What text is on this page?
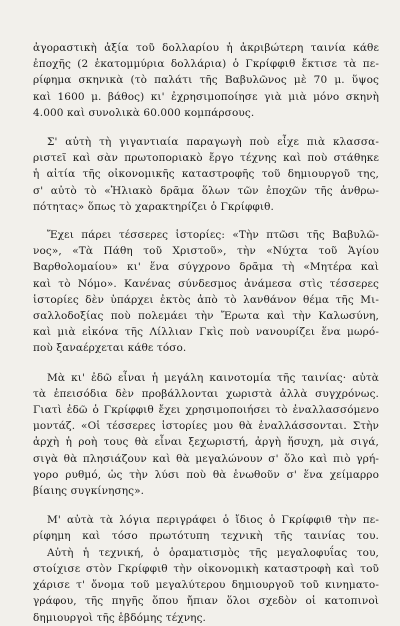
ἀγοραστικὴ ἀξία τοῦ δολλαρίου ἡ ἀκριβώτερη ταινία κάθε
ἐποχῆς (2 ἑκατομμύρια δολλάρια) ὁ Γκρίφφιθ ἔκτισε τὰ πε-
ρίφημα σκηνικὰ (τὸ παλάτι τῆς Βαβυλῶνος μὲ 70 μ. ὕψος
καὶ 1600 μ. βάθος) κι' ἐχρησιμοποίησε γιὰ μιὰ μόνο σκηνὴ
4.000 καὶ συνολικὰ 60.000 κομπάρσους.

Σ' αὐτὴ τὴ γιγαντιαία παραγωγὴ ποὺ εἶχε πιὰ κλασσα-
ριστεῖ καὶ σὰν πρωτοποριακὸ ἔργο τέχνης καὶ ποὺ στάθηκε
ἡ αἰτία τῆς οἰκονομικῆς καταστροφῆς τοῦ δημιουργοῦ της,
σ' αὐτὸ τὸ «Ἠλιακὸ δρᾶμα ὅλων τῶν ἐποχῶν τῆς ἀνθρω-
πότητας» ὅπως τὸ χαρακτηρίζει ὁ Γκρίφφιθ.

Ἔχει πάρει τέσσερες ἱστορίες: «Τὴν πτῶσι τῆς Βαβυλῶ-
νος», «Τὰ Πάθη τοῦ Χριστοῦ», τὴν «Νύχτα τοῦ Ἁγίου
Βαρθολομαίου» κι' ἕνα σύγχρονο δρᾶμα τὴ «Μητέρα καὶ
καὶ τὸ Νόμο». Κανένας σύνδεσμος ἀνάμεσα στὶς τέσσερες
ἱστορίες δὲν ὑπάρχει ἐκτὸς ἀπὸ τὸ λανθάνον θέμα τῆς Μι-
σαλλοδοξίας ποὺ πολεμάει τὴν Ἔρωτα καὶ τὴν Καλωσύνη,
καὶ μιὰ εἰκόνα τῆς Λίλλιαν Γκὶς ποὺ νανουρίζει ἕνα μωρό-
ποὺ ξαναέρχεται κάθε τόσο.

Μὰ κι' ἐδῶ εἶναι ἡ μεγάλη καινοτομία τῆς ταινίας· αὐτὰ
τὰ ἐπεισόδια δὲν προβάλλονται χωριστὰ ἀλλὰ συγχρόνως.
Γιατὶ ἐδῶ ὁ Γκρίφφιθ ἔχει χρησιμοποιήσει τὸ ἐναλλασσόμενο
μοντάζ. «Οἱ τέσσερες ἱστορίες μου θὰ ἐναλλάσσονται. Στὴν
ἀρχὴ ἡ ροὴ τους θὰ εἶναι ξεχωριστή, ἀργὴ ἥσυχη, μὰ σιγά,
σιγὰ θὰ πλησιάζουν καὶ θὰ μεγαλώνουν σ' ὅλο καὶ πιὸ γρή-
γορο ρυθμό, ὡς τὴν λύσι ποὺ θὰ ἑνωθοῦν σ' ἕνα χείμαρρο
βίαιης συγκίνησης».

Μ' αὐτὰ τὰ λόγια περιγράφει ὁ ἴδιος ὁ Γκρίφφιθ τὴν πε-
ρίφημη καὶ τόσο πρωτότυπη τεχνικὴ τῆς ταινίας του.
Αὐτὴ ἡ τεχνική, ὁ ὁραματισμὸς τῆς μεγαλοφυΐας του,
στοίχισε στὸν Γκρίφφιθ τὴν οἰκονομικὴ καταστροφὴ καὶ τοῦ
χάρισε τ' ὄνομα τοῦ μεγαλύτερου δημιουργοῦ τοῦ κινηματο-
γράφου, τῆς πηγῆς ὅπου ἤπιαν ὅλοι σχεδὸν οἱ κατοπινοὶ
δημιουργοὶ τῆς ἑβδόμης τέχνης.
